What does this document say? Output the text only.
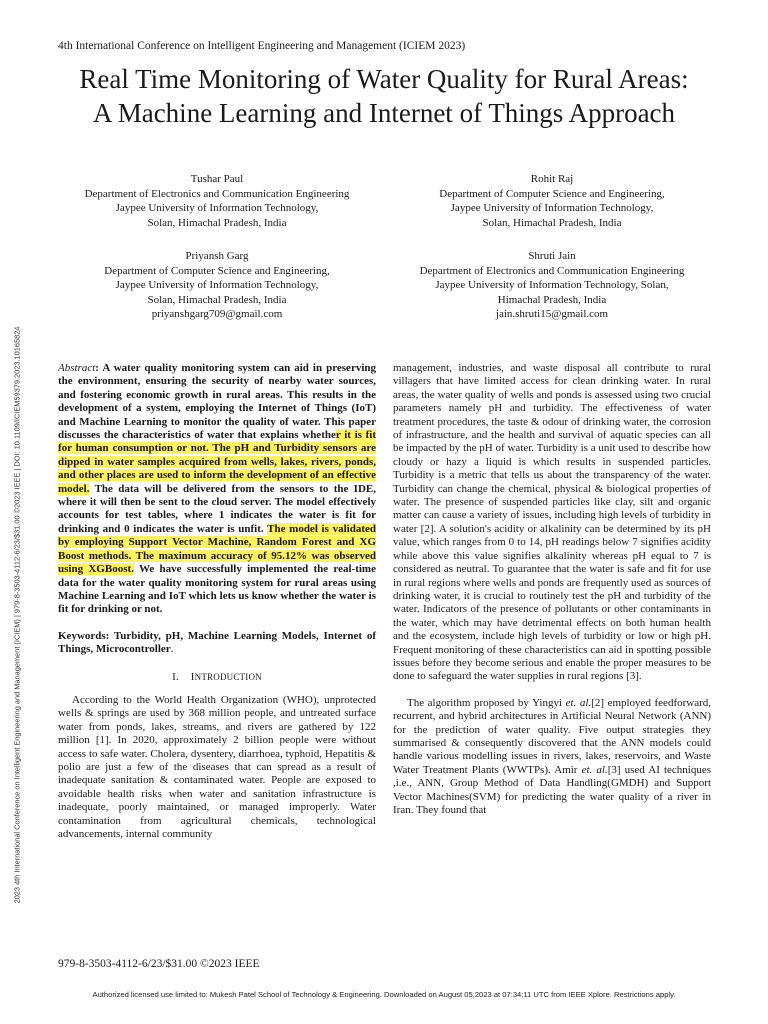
4th International Conference on Intelligent Engineering and Management (ICIEM 2023)
Real Time Monitoring of Water Quality for Rural Areas:
A Machine Learning and Internet of Things Approach
Tushar Paul
Department of Electronics and Communication Engineering
Jaypee University of Information Technology,
Solan, Himachal Pradesh, India
Rohit Raj
Department of Computer Science and Engineering,
Jaypee University of Information Technology,
Solan, Himachal Pradesh, India
Priyansh Garg
Department of Computer Science and Engineering,
Jaypee University of Information Technology,
Solan, Himachal Pradesh, India
priyanshgarg709@gmail.com
Shruti Jain
Department of Electronics and Communication Engineering
Jaypee University of Information Technology, Solan,
Himachal Pradesh, India
jain.shruti15@gmail.com
2023 4th International Conference on Intelligent Engineering and Management (ICIEM) | 979-8-3503-4112-6/23/$31.00 ©2023 IEEE | DOI: 10.1109/ICIEM59379.2023.10165824	Abstract: A water quality monitoring system can aid in preserving the environment, ensuring the security of nearby water sources, and fostering economic growth in rural areas. This results in the development of a system, employing the Internet of Things (IoT) and Machine Learning to monitor the quality of water. This paper discusses the characteristics of water that explains whether it is fit for human consumption or not. The pH and Turbidity sensors are dipped in water samples acquired from wells, lakes, rivers, ponds, and other places are used to inform the development of an effective model. The data will be delivered from the sensors to the IDE, where it will then be sent to the cloud server. The model effectively accounts for test tables, where 1 indicates the water is fit for drinking and 0 indicates the water is unfit. The model is validated by employing Support Vector Machine, Random Forest and XG Boost methods. The maximum accuracy of 95.12% was observed using XGBoost. We have successfully implemented the real-time data for the water quality monitoring system for rural areas using Machine Learning and IoT which lets us know whether the water is fit for drinking or not.

Keywords: Turbidity, pH, Machine Learning Models, Internet of Things, Microcontroller.

I. INTRODUCTION

According to the World Health Organization (WHO), unprotected wells & springs are used by 368 million people, and untreated surface water from ponds, lakes, streams, and rivers are gathered by 122 million [1]. In 2020, approximately 2 billion people were without access to safe water. Cholera, dysentery, diarrhoea, typhoid, Hepatitis & polio are just a few of the diseases that can spread as a result of inadequate sanitation & contaminated water. People are exposed to avoidable health risks when water and sanitation infrastructure is inadequate, poorly maintained, or managed improperly. Water contamination from agricultural chemicals, technological advancements, internal community

management, industries, and waste disposal all contribute to rural villagers that have limited access for clean drinking water. In rural areas, the water quality of wells and ponds is assessed using two crucial parameters namely pH and turbidity. The effectiveness of water treatment procedures, the taste & odour of drinking water, the corrosion of infrastructure, and the health and survival of aquatic species can all be impacted by the pH of water. Turbidity is a unit used to describe how cloudy or hazy a liquid is which results in suspended particles. Turbidity is a metric that tells us about the transparency of the water. Turbidity can change the chemical, physical & biological properties of water. The presence of suspended particles like clay, silt and organic matter can cause a variety of issues, including high levels of turbidity in water [2]. A solution's acidity or alkalinity can be determined by its pH value, which ranges from 0 to 14, pH readings below 7 signifies acidity while above this value signifies alkalinity whereas pH equal to 7 is considered as neutral. To guarantee that the water is safe and fit for use in rural regions where wells and ponds are frequently used as sources of drinking water, it is crucial to routinely test the pH and turbidity of the water. Indicators of the presence of pollutants or other contaminants in the water, which may have detrimental effects on both human health and the ecosystem, include high levels of turbidity or low or high pH. Frequent monitoring of these characteristics can aid in spotting possible issues before they become serious and enable the proper measures to be done to safeguard the water supplies in rural regions [3].

The algorithm proposed by Yingyi et. al.[2] employed feedforward, recurrent, and hybrid architectures in Artificial Neural Network (ANN) for the prediction of water quality. Five output strategies they summarised & consequently discovered that the ANN models could handle various modelling issues in rivers, lakes, reservoirs, and Waste Water Treatment Plants (WWTPs). Amir et. al.[3] used AI techniques ,i.e., ANN, Group Method of Data Handling(GMDH) and Support Vector Machines(SVM) for predicting the water quality of a river in Iran. They found that

979-8-3503-4112-6/23/$31.00 ©2023 IEEE
Authorized licensed use limited to: Mukesh Patel School of Technology & Engineering. Downloaded on August 05,2023 at 07:34:11 UTC from IEEE Xplore. Restrictions apply.
